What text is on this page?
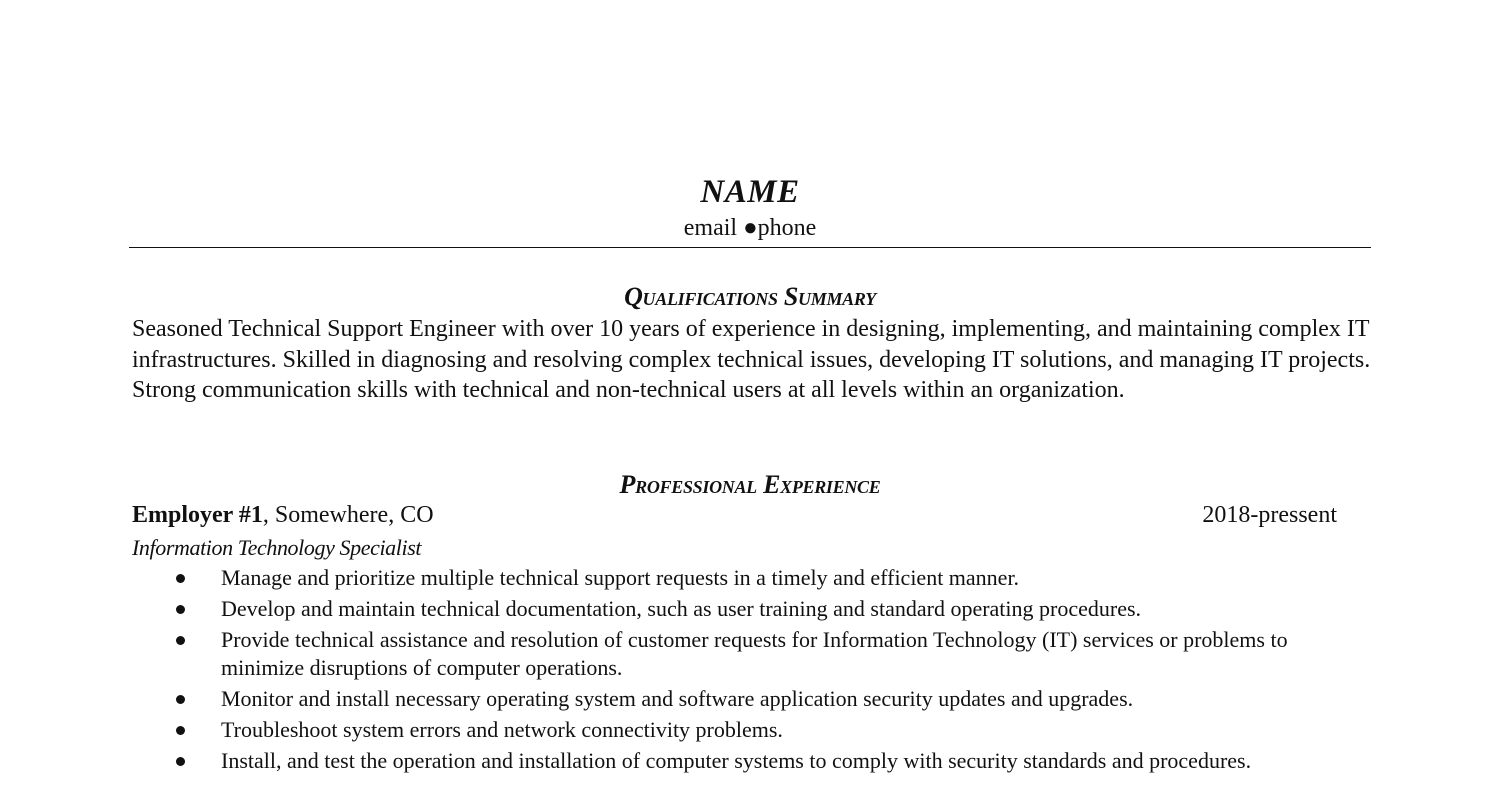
NAME
email ●phone
Qualifications Summary

Seasoned Technical Support Engineer with over 10 years of experience in designing, implementing, and maintaining complex IT infrastructures. Skilled in diagnosing and resolving complex technical issues, developing IT solutions, and managing IT projects. Strong communication skills with technical and non-technical users at all levels within an organization.

Professional Experience
Employer #1, Somewhere, CO	2018-pressent
Information Technology Specialist
Manage and prioritize multiple technical support requests in a timely and efficient manner.
Develop and maintain technical documentation, such as user training and standard operating procedures.
Provide technical assistance and resolution of customer requests for Information Technology (IT) services or problems to minimize disruptions of computer operations.
Monitor and install necessary operating system and software application security updates and upgrades.
Troubleshoot system errors and network connectivity problems.
Install, and test the operation and installation of computer systems to comply with security standards and procedures.
